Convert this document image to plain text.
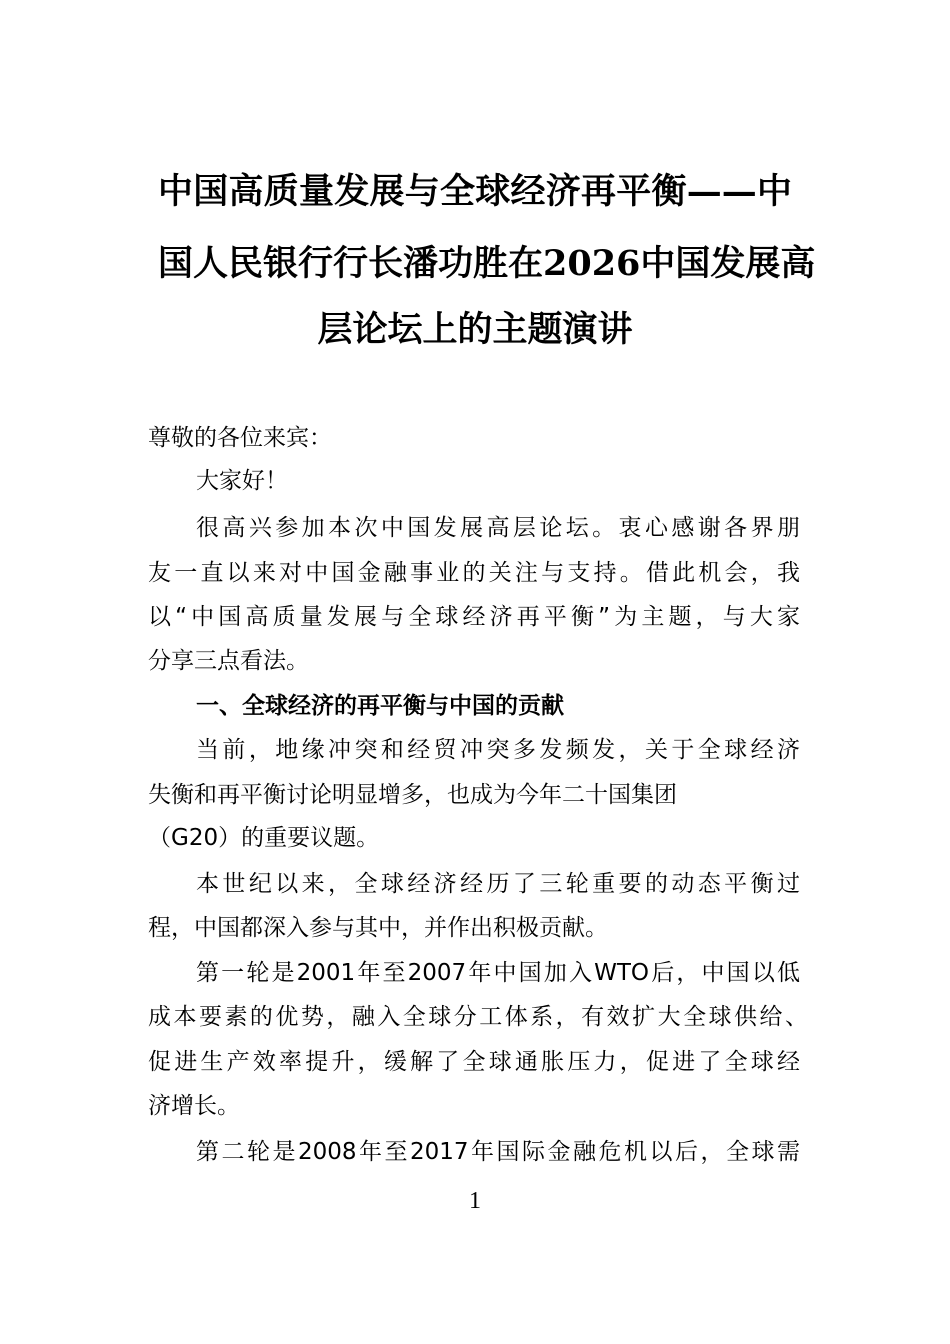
中国高质量发展与全球经济再平衡——中
国人民银行行长潘功胜在2026中国发展高
层论坛上的主题演讲
尊敬的各位来宾：
大家好！
很高兴参加本次中国发展高层论坛。衷心感谢各界朋
友一直以来对中国金融事业的关注与支持。借此机会，我
以“中国高质量发展与全球经济再平衡”为主题，与大家
分享三点看法。
一、全球经济的再平衡与中国的贡献
当前，地缘冲突和经贸冲突多发频发，关于全球经济
失衡和再平衡讨论明显增多，也成为今年二十国集团
（G20）的重要议题。
本世纪以来，全球经济经历了三轮重要的动态平衡过
程，中国都深入参与其中，并作出积极贡献。
第一轮是2001年至2007年中国加入WTO后，中国以低
成本要素的优势，融入全球分工体系，有效扩大全球供给、
促进生产效率提升，缓解了全球通胀压力，促进了全球经
济增长。
第二轮是2008年至2017年国际金融危机以后，全球需
1
